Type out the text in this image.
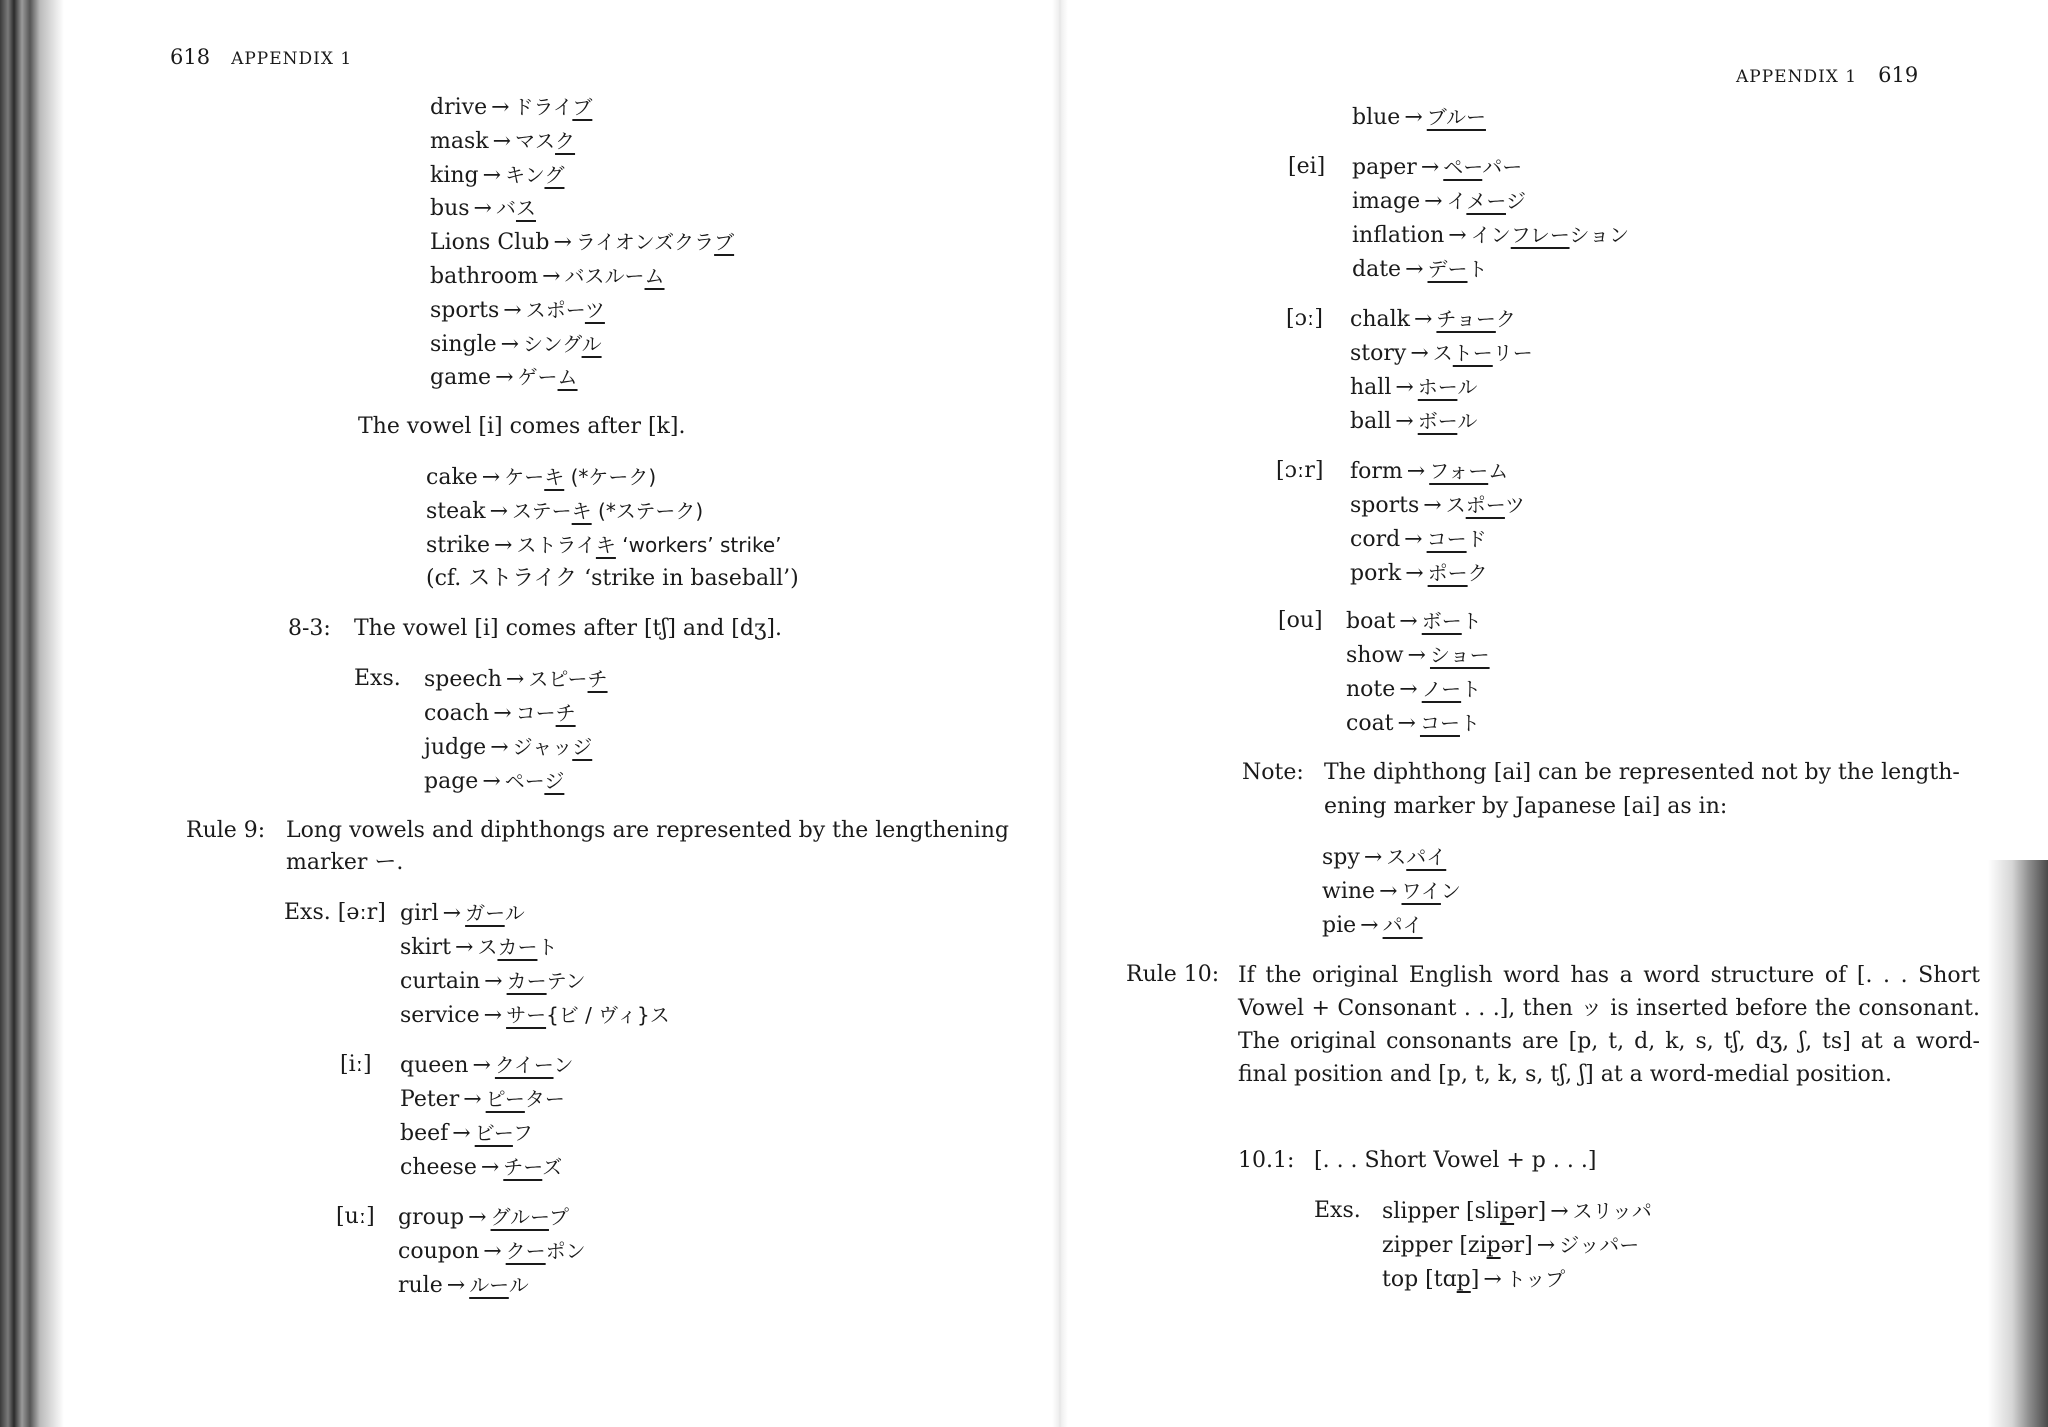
618 APPENDIX 1
The vowel [i] comes after [k].
(cf. ストライク ‘strike in baseball’)
8-3: The vowel [i] comes after [tʃ] and [dʒ].
Exs.
Rule 9: Long vowels and diphthongs are represented by the lengthening
marker ー.
Exs. [əːr]
[iː]
[uː]
drive → ドライブ
mask → マスク
king → キング
bus → バス
Lions Club → ライオンズクラブ
bathroom → バスルーム
sports → スポーツ
single → シングル
game → ゲーム
cake → ケーキ (*ケーク)
steak → ステーキ (*ステーク)
strike → ストライキ ‘workers’ strike’
speech → スピーチ
coach → コーチ
judge → ジャッジ
page → ページ
girl → ガール
skirt → スカート
curtain → カーテン
service → サー{ビ / ヴィ}ス
queen → クイーン
Peter → ピーター
beef → ビーフ
cheese → チーズ
group → グループ
coupon → クーポン
rule → ルール
APPENDIX 1 619
[ei]
[ɔː]
[ɔːr]
[ou]
Note: The diphthong [ai] can be represented not by the length-
ening marker by Japanese [ai] as in:
Rule 10: If the original English word has a word structure of [. . . Short Vowel + Consonant . . .], then ッ is inserted before the consonant. The original consonants are [p, t, d, k, s, tʃ, dʒ, ʃ, ts] at a word-final position and [p, t, k, s, tʃ, ʃ] at a word-medial position.
10.1: [. . . Short Vowel + p . . .]
Exs.
paper → ペーパー
image → イメージ
inflation → インフレーション
date → デート
chalk → チョーク
story → ストーリー
hall → ホール
ball → ボール
form → フォーム
sports → スポーツ
cord → コード
pork → ポーク
boat → ボート
show → ショー
note → ノート
coat → コート
spy → スパイ
wine → ワイン
pie → パイ
blue → ブルー
slipper [slipər] → スリッパ
zipper [zipər] → ジッパー
top [tɑp] → トップ
